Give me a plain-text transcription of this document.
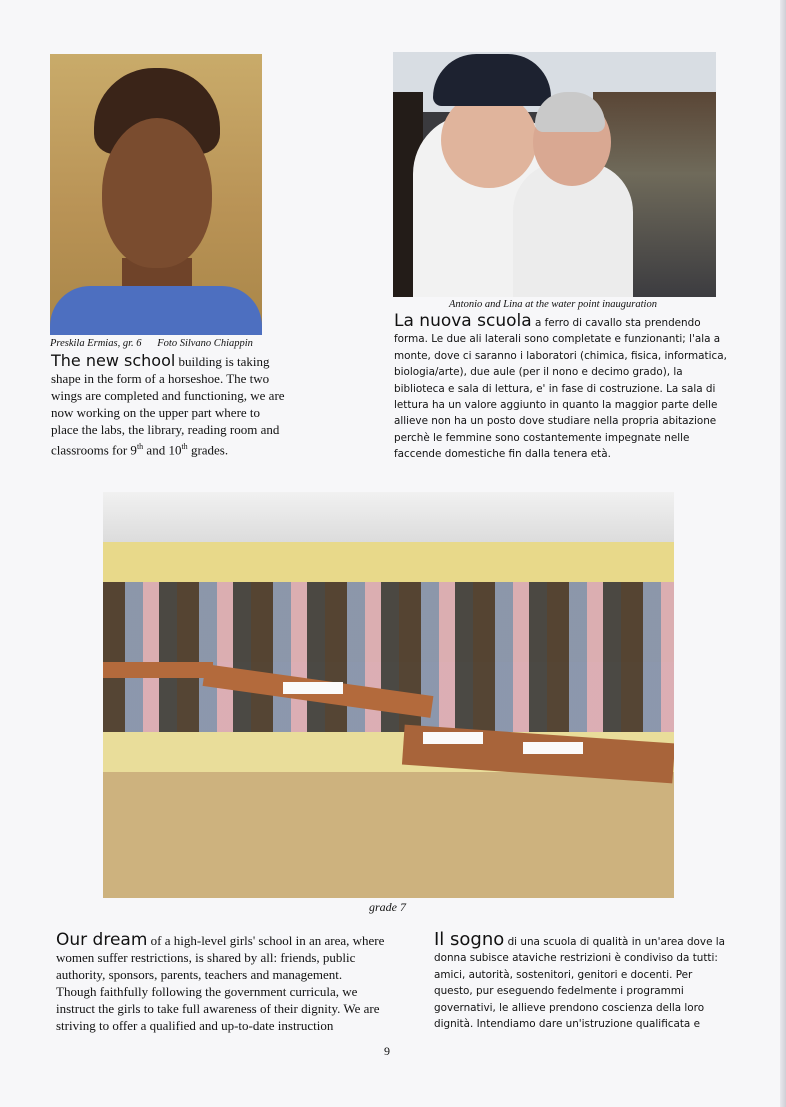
Preskila Ermias, gr. 6      Foto Silvano Chiappin
Antonio and Lina at the water point inauguration
The new school building is taking
shape in the form of a horseshoe. The two
wings are completed and functioning, we are
now working on the upper part where to
place the labs, the library, reading room and
classrooms for 9th and 10th grades.
La nuova scuola a ferro di cavallo sta prendendo
forma. Le due ali laterali sono completate e funzionanti; l'ala a
monte, dove ci saranno i laboratori (chimica, fisica, informatica,
biologia/arte), due aule (per il nono e decimo grado), la
biblioteca e sala di lettura, e' in fase di costruzione. La sala di
lettura ha un valore aggiunto in quanto la maggior parte delle
allieve non ha un posto dove studiare nella propria abitazione
perchè le femmine sono costantemente impegnate nelle
faccende domestiche fin dalla tenera età.
grade 7
Our dream of a high-level girls' school in an area, where
women suffer restrictions, is shared by all: friends, public
authority, sponsors, parents, teachers and management.
Though faithfully following the government curricula, we
instruct the girls to take full awareness of their dignity. We are
striving to offer a qualified and up-to-date instruction
Il sogno di una scuola di qualità in un'area dove la
donna subisce ataviche restrizioni è condiviso da tutti:
amici, autorità, sostenitori, genitori e docenti. Per
questo, pur eseguendo fedelmente i programmi
governativi, le allieve prendono coscienza della loro
dignità. Intendiamo dare un'istruzione qualificata e
9
